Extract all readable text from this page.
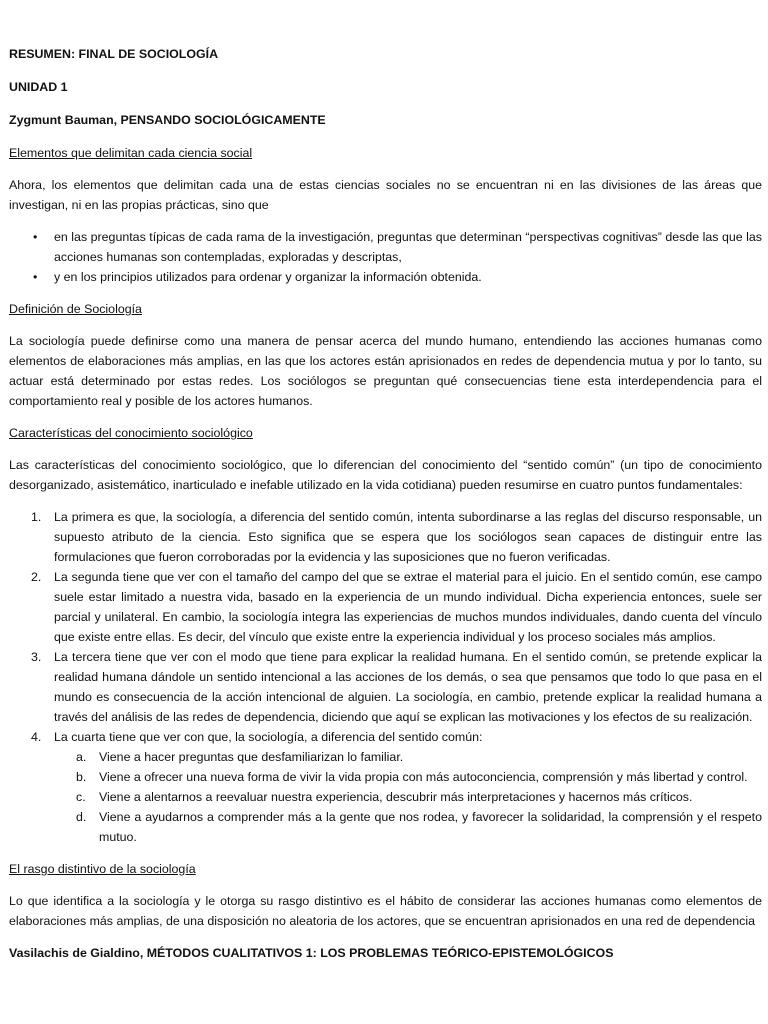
RESUMEN: FINAL DE SOCIOLOGÍA

UNIDAD 1

Zygmunt Bauman, PENSANDO SOCIOLÓGICAMENTE

Elementos que delimitan cada ciencia social

Ahora, los elementos que delimitan cada una de estas ciencias sociales no se encuentran ni en las divisiones de las áreas que investigan, ni en las propias prácticas, sino que

• en las preguntas típicas de cada rama de la investigación, preguntas que determinan “perspectivas cognitivas” desde las que las acciones humanas son contempladas, exploradas y descriptas,
• y en los principios utilizados para ordenar y organizar la información obtenida.

Definición de Sociología

La sociología puede definirse como una manera de pensar acerca del mundo humano, entendiendo las acciones humanas como elementos de elaboraciones más amplias, en las que los actores están aprisionados en redes de dependencia mutua y por lo tanto, su actuar está determinado por estas redes. Los sociólogos se preguntan qué consecuencias tiene esta interdependencia para el comportamiento real y posible de los actores humanos.

Características del conocimiento sociológico

Las características del conocimiento sociológico, que lo diferencian del conocimiento del “sentido común” (un tipo de conocimiento desorganizado, asistemático, inarticulado e inefable utilizado en la vida cotidiana) pueden resumirse en cuatro puntos fundamentales:

1. La primera es que, la sociología, a diferencia del sentido común, intenta subordinarse a las reglas del discurso responsable, un supuesto atributo de la ciencia. Esto significa que se espera que los sociólogos sean capaces de distinguir entre las formulaciones que fueron corroboradas por la evidencia y las suposiciones que no fueron verificadas.
2. La segunda tiene que ver con el tamaño del campo del que se extrae el material para el juicio. En el sentido común, ese campo suele estar limitado a nuestra vida, basado en la experiencia de un mundo individual. Dicha experiencia entonces, suele ser parcial y unilateral. En cambio, la sociología integra las experiencias de muchos mundos individuales, dando cuenta del vínculo que existe entre ellas. Es decir, del vínculo que existe entre la experiencia individual y los proceso sociales más amplios.
3. La tercera tiene que ver con el modo que tiene para explicar la realidad humana. En el sentido común, se pretende explicar la realidad humana dándole un sentido intencional a las acciones de los demás, o sea que pensamos que todo lo que pasa en el mundo es consecuencia de la acción intencional de alguien. La sociología, en cambio, pretende explicar la realidad humana a través del análisis de las redes de dependencia, diciendo que aquí se explican las motivaciones y los efectos de su realización.
4. La cuarta tiene que ver con que, la sociología, a diferencia del sentido común:
a. Viene a hacer preguntas que desfamiliarizan lo familiar.
b. Viene a ofrecer una nueva forma de vivir la vida propia con más autoconciencia, comprensión y más libertad y control.
c. Viene a alentarnos a reevaluar nuestra experiencia, descubrir más interpretaciones y hacernos más críticos.
d. Viene a ayudarnos a comprender más a la gente que nos rodea, y favorecer la solidaridad, la comprensión y el respeto mutuo.

El rasgo distintivo de la sociología

Lo que identifica a la sociología y le otorga su rasgo distintivo es el hábito de considerar las acciones humanas como elementos de elaboraciones más amplias, de una disposición no aleatoria de los actores, que se encuentran aprisionados en una red de dependencia

Vasilachis de Gialdino, MÉTODOS CUALITATIVOS 1: LOS PROBLEMAS TEÓRICO-EPISTEMOLÓGICOS
